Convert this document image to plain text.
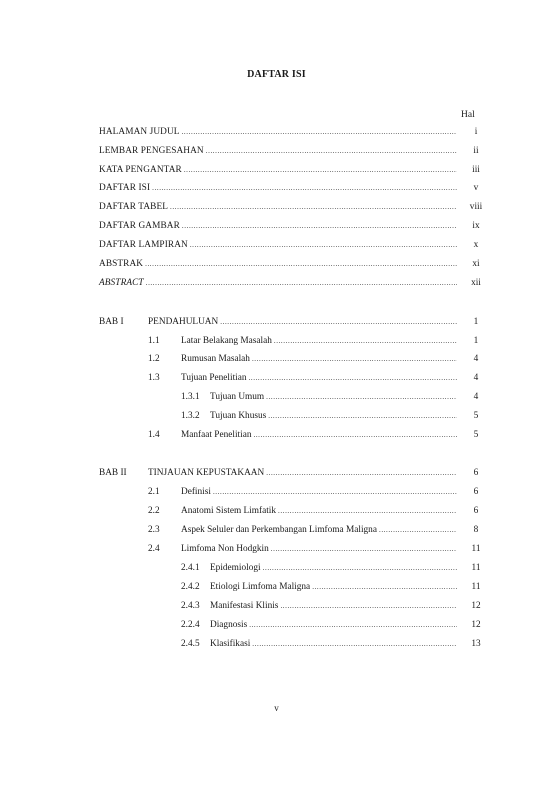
DAFTAR ISI
Hal
HALAMAN JUDUL .....	i
LEMBAR PENGESAHAN .....	ii
KATA PENGANTAR .....	iii
DAFTAR ISI .....	v
DAFTAR TABEL .....	viii
DAFTAR GAMBAR .....	ix
DAFTAR LAMPIRAN .....	x
ABSTRAK .....	xi
ABSTRACT .....	xii
BAB I	PENDAHULUAN .....	1
1.1 Latar Belakang Masalah .....	1
1.2 Rumusan Masalah .....	4
1.3 Tujuan Penelitian .....	4
1.3.1 Tujuan Umum .....	4
1.3.2 Tujuan Khusus .....	5
1.4 Manfaat Penelitian .....	5
BAB II TINJAUAN KEPUSTAKAAN .....	6
2.1 Definisi .....	6
2.2 Anatomi Sistem Limfatik .....	6
2.3 Aspek Seluler dan Perkembangan Limfoma Maligna .....	8
2.4 Limfoma Non Hodgkin .....	11
2.4.1 Epidemiologi .....	11
2.4.2 Etiologi Limfoma Maligna .....	11
2.4.3 Manifestasi Klinis .....	12
2.2.4 Diagnosis .....	12
2.4.5 Klasifikasi .....	13
v
